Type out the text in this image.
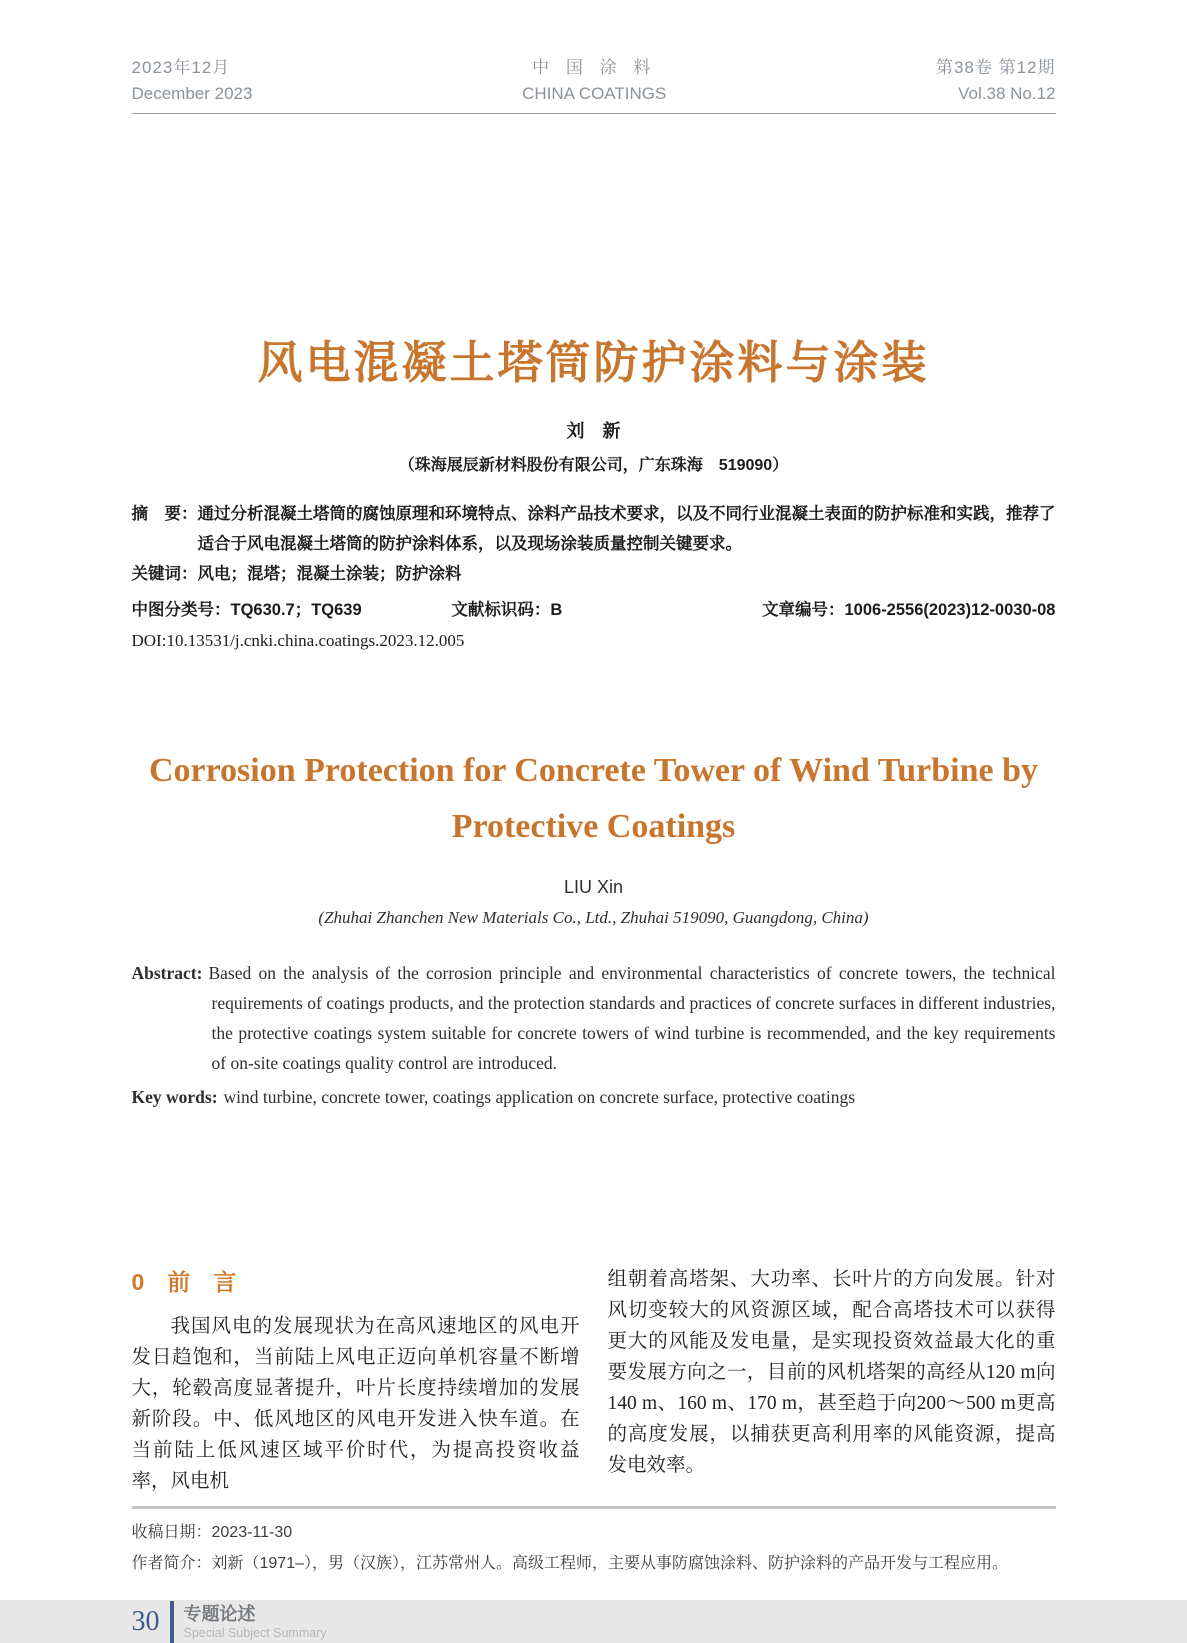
2023年12月
December 2023
中 国 涂 料
CHINA COATINGS
第38卷 第12期
Vol.38 No.12
风电混凝土塔筒防护涂料与涂装
刘　新
（珠海展辰新材料股份有限公司，广东珠海　519090）

摘　要：通过分析混凝土塔筒的腐蚀原理和环境特点、涂料产品技术要求，以及不同行业混凝土表面的防护标准和实践，推荐了适合于风电混凝土塔筒的防护涂料体系，以及现场涂装质量控制关键要求。

关键词：风电；混塔；混凝土涂装；防护涂料

中图分类号：TQ630.7；TQ639	文献标识码：B	文章编号：1006-2556(2023)12-0030-08
DOI:10.13531/j.cnki.china.coatings.2023.12.005
Corrosion Protection for Concrete Tower of Wind Turbine by
Protective Coatings
LIU Xin
(Zhuhai Zhanchen New Materials Co., Ltd., Zhuhai 519090, Guangdong, China)

Abstract: Based on the analysis of the corrosion principle and environmental characteristics of concrete towers, the technical requirements of coatings products, and the protection standards and practices of concrete surfaces in different industries, the protective coatings system suitable for concrete towers of wind turbine is recommended, and the key requirements of on-site coatings quality control are introduced.

Key words: wind turbine, concrete tower, coatings application on concrete surface, protective coatings

0　前　言

我国风电的发展现状为在高风速地区的风电开发日趋饱和，当前陆上风电正迈向单机容量不断增大，轮毂高度显著提升，叶片长度持续增加的发展新阶段。中、低风地区的风电开发进入快车道。在当前陆上低风速区域平价时代，为提高投资收益率，风电机

组朝着高塔架、大功率、长叶片的方向发展。针对风切变较大的风资源区域，配合高塔技术可以获得更大的风能及发电量，是实现投资效益最大化的重要发展方向之一，目前的风机塔架的高经从120 m向140 m、160 m、170 m，甚至趋于向200～500 m更高的高度发展，以捕获更高利用率的风能资源，提高发电效率。

收稿日期：2023-11-30

作者简介：刘新（1971–），男（汉族），江苏常州人。高级工程师，主要从事防腐蚀涂料、防护涂料的产品开发与工程应用。

30 专题论述
Special Subject Summary
